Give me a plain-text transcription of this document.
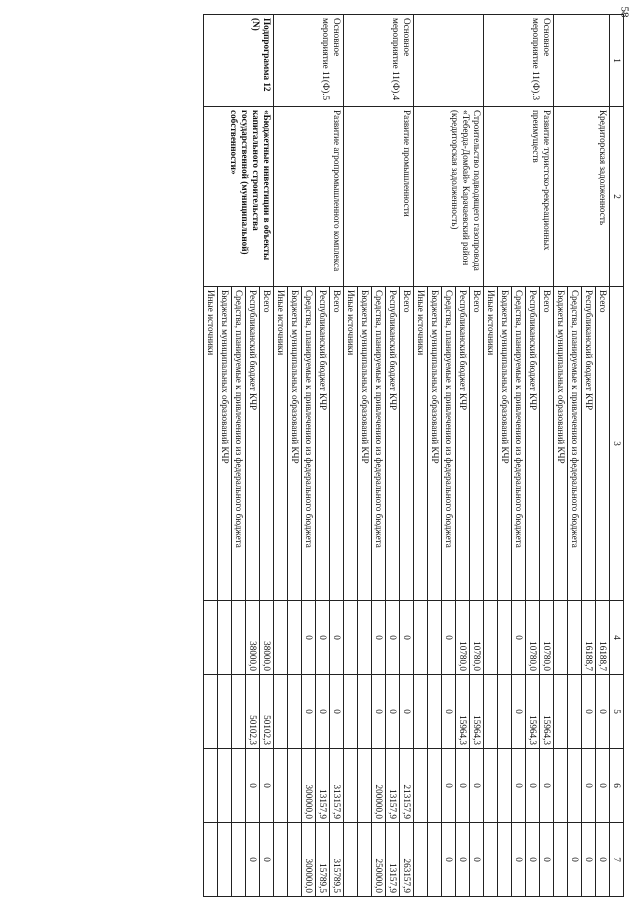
58
1	2	3	4	5	6	7
	Кредиторская задолженность	Всего	16188,7	0	0	0
		Республиканский бюджет КЧР	16188,7	0	0	0
		Средства, планируемые к привлечению из федерального бюджета				0
		Бюджеты муниципальных образований КЧР				
Основное мероприятие 11(Ф).3	Развитие туристско-рекреационных преимуществ	Всего	10780,0	15964,3	0	0
		Республиканский бюджет КЧР	10780,0	15964,3	0	0
		Средства, планируемые к привлечению из федерального бюджета	0	0	0	0
		Бюджеты муниципальных образований КЧР				
		Иные источники				
	Строительство подводящего газопровода «Теберда-Домбай» Карачаевский район (кредиторская задолженность)	Всего	10780,0	15964,3	0	0
		Республиканский бюджет КЧР	10780,0	15964,3	0	0
		Средства, планируемые к привлечению из федерального бюджета	0	0	0	0
		Бюджеты муниципальных образований КЧР				
		Иные источники				
Основное мероприятие 11(Ф).4	Развитие промышленности	Всего	0	0	213157,9	263157,9
		Республиканский бюджет КЧР	0	0	13157,9	13157,9
		Средства, планируемые к привлечению из федерального бюджета	0	0	200000,0	250000,0
		Бюджеты муниципальных образований КЧР				
		Иные источники				
Основное мероприятие 11(Ф).5	Развитие агропромышленного комплекса	Всего	0	0	313157,9	315789,5
		Республиканский бюджет КЧР	0	0	13157,9	15789,5
		Средства, планируемые к привлечению из федерального бюджета	0	0	300000,0	300000,0
		Бюджеты муниципальных образований КЧР				
		Иные источники				
Подпрограмма 12 (N)	«Бюджетные инвестиции в объекты капитального строительства государственной (муниципальной) собственности»	Всего	38000,0	50102,3	0	0
		Республиканский бюджет КЧР	38000,0	50102,3	0	0
		Средства, планируемые к привлечению из федерального бюджета				
		Бюджеты муниципальных образований КЧР				
		Иные источники				
